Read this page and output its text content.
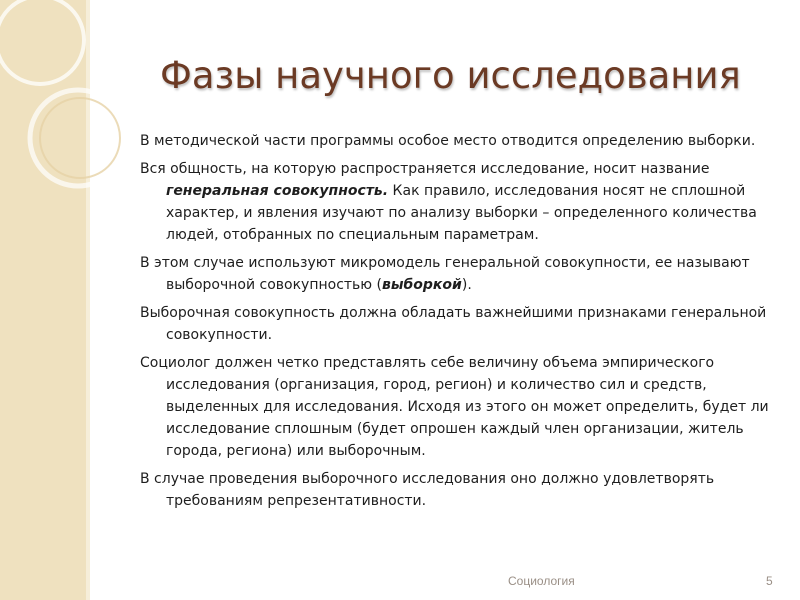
Фазы научного исследования

В методической части программы особое место отводится определению выборки.

Вся общность, на которую распространяется исследование, носит название генеральная совокупность. Как правило, исследования носят не сплошной характер, и явления изучают по анализу выборки – определенного количества людей, отобранных по специальным параметрам.

В этом случае используют микромодель генеральной совокупности, ее называют выборочной совокупностью (выборкой).

Выборочная совокупность должна обладать важнейшими признаками генеральной совокупности.

Социолог должен четко представлять себе величину объема эмпирического исследования (организация, город, регион) и количество сил и средств, выделенных для исследования. Исходя из этого он может определить, будет ли исследование сплошным (будет опрошен каждый член организации, житель города, региона) или выборочным.

В случае проведения выборочного исследования оно должно удовлетворять требованиям репрезентативности.

Социология	5
